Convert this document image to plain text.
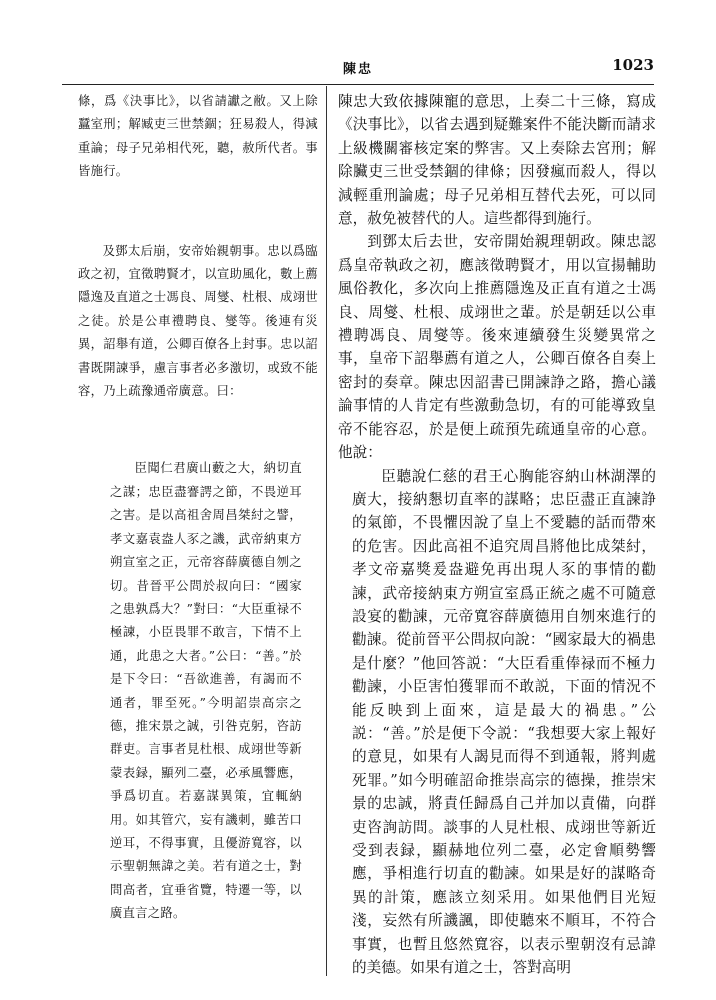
陳忠	1023

條，爲《決事比》，以省請讞之敝。又上除蠶室刑；解臧吏三世禁錮；狂易殺人，得減重論；母子兄弟相代死，聽，赦所代者。事皆施行。

及鄧太后崩，安帝始親朝事。忠以爲臨政之初，宜徵聘賢才，以宣助風化，數上薦隱逸及直道之士馮良、周燮、杜根、成翊世之徒。於是公車禮聘良、燮等。後連有災異，詔舉有道，公卿百僚各上封事。忠以詔書既開諫爭，慮言事者必多激切，或致不能容，乃上疏豫通帝廣意。曰：

臣聞仁君廣山藪之大，納切直之謀；忠臣盡謇諤之節，不畏逆耳之害。是以高祖舍周昌桀紂之譬，孝文嘉袁盎人豕之譏，武帝納東方朔宣室之正，元帝容薛廣德自刎之切。昔晉平公問於叔向曰：“國家之患孰爲大？”對曰：“大臣重禄不極諫，小臣畏罪不敢言，下情不上通，此患之大者。”公曰：“善。”於是下令曰：“吾欲進善，有謁而不通者，罪至死。”今明詔崇高宗之德，推宋景之誠，引咎克躬，咨訪群吏。言事者見杜根、成翊世等新蒙表録，顯列二臺，必承風響應，爭爲切直。若嘉謀異策，宜輒納用。如其管穴，妄有譏刺，雖苦口逆耳，不得事實，且優游寬容，以示聖朝無諱之美。若有道之士，對問高者，宜垂省覽，特遷一等，以廣直言之路。

陳忠大致依據陳寵的意思，上奏二十三條，寫成《決事比》，以省去遇到疑難案件不能決斷而請求上級機關審核定案的弊害。又上奏除去宮刑；解除臟吏三世受禁錮的律條；因發瘋而殺人，得以減輕重刑論處；母子兄弟相互替代去死，可以同意，赦免被替代的人。這些都得到施行。

到鄧太后去世，安帝開始親理朝政。陳忠認爲皇帝執政之初，應該徵聘賢才，用以宣揚輔助風俗教化，多次向上推薦隱逸及正直有道之士馮良、周燮、杜根、成翊世之輩。於是朝廷以公車禮聘馮良、周燮等。後來連續發生災變異常之事，皇帝下詔舉薦有道之人，公卿百僚各自奏上密封的奏章。陳忠因詔書已開諫諍之路，擔心議論事情的人肯定有些激動急切，有的可能導致皇帝不能容忍，於是便上疏預先疏通皇帝的心意。他說：

臣聽說仁慈的君王心胸能容納山林湖澤的廣大，接納懇切直率的謀略；忠臣盡正直諫諍的氣節，不畏懼因說了皇上不愛聽的話而帶來的危害。因此高祖不追究周昌將他比成桀紂，孝文帝嘉獎爰盎避免再出現人豕的事情的勸諫，武帝接納東方朔宣室爲正統之處不可隨意設宴的勸諫，元帝寬容薛廣德用自刎來進行的勸諫。從前晉平公問叔向說：“國家最大的禍患是什麼？”他回答説：“大臣看重俸禄而不極力勸諫，小臣害怕獲罪而不敢説，下面的情況不能反映到上面來，這是最大的禍患。”公説：“善。”於是便下令説：“我想要大家上報好的意見，如果有人謁見而得不到通報，將判處死罪。”如今明確詔命推崇高宗的德操，推崇宋景的忠誠，將責任歸爲自己并加以責備，向群吏咨詢訪問。談事的人見杜根、成翊世等新近受到表録，顯赫地位列二臺，必定會順勢響應，爭相進行切直的勸諫。如果是好的謀略奇異的計策，應該立刻采用。如果他們目光短淺，妄然有所譏諷，即使聽來不順耳，不符合事實，也暫且悠然寬容，以表示聖朝沒有忌諱的美德。如果有道之士，答對高明
